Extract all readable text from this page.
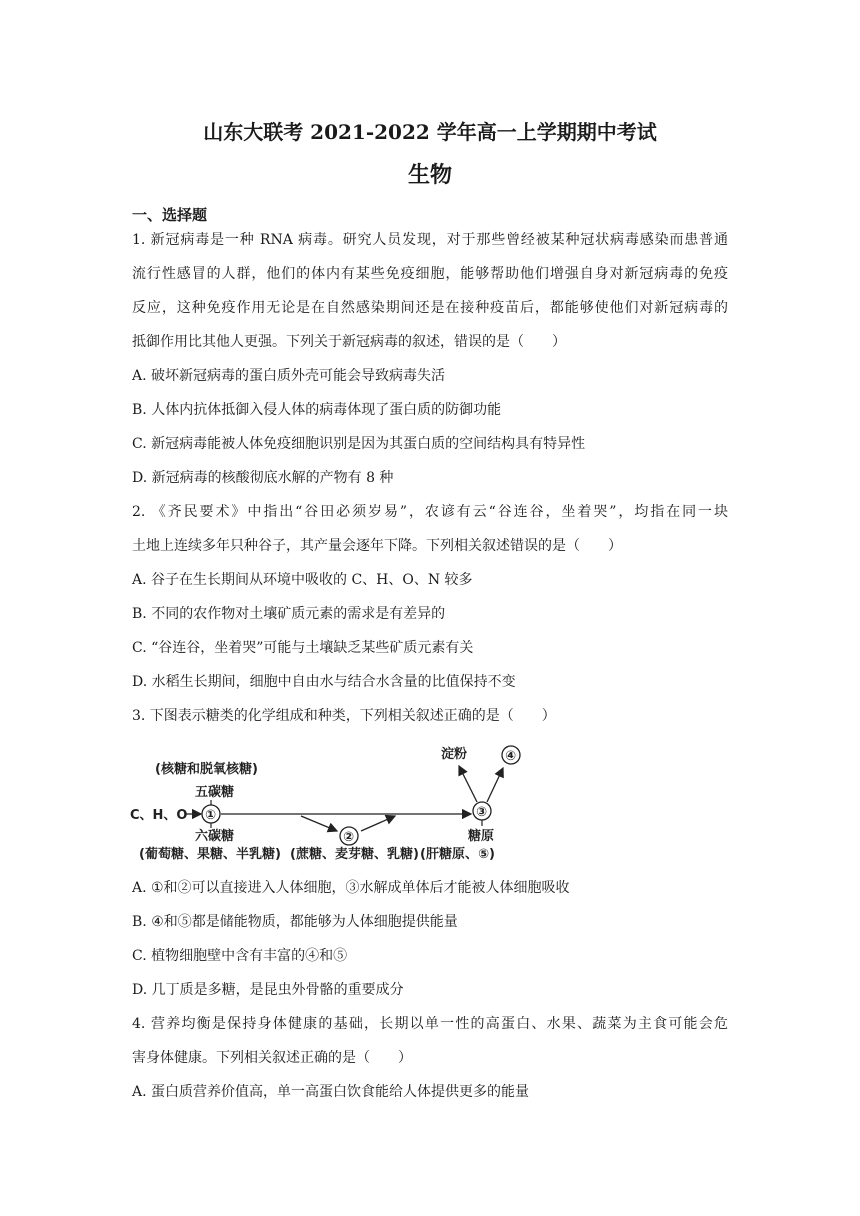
山东大联考 2021-2022 学年高一上学期期中考试
生物
一、选择题
1. 新冠病毒是一种 RNA 病毒。研究人员发现，对于那些曾经被某种冠状病毒感染而患普通
流行性感冒的人群，他们的体内有某些免疫细胞，能够帮助他们增强自身对新冠病毒的免疫
反应，这种免疫作用无论是在自然感染期间还是在接种疫苗后，都能够使他们对新冠病毒的
抵御作用比其他人更强。下列关于新冠病毒的叙述，错误的是（　　）
A. 破坏新冠病毒的蛋白质外壳可能会导致病毒失活
B. 人体内抗体抵御入侵人体的病毒体现了蛋白质的防御功能
C. 新冠病毒能被人体免疫细胞识别是因为其蛋白质的空间结构具有特异性
D. 新冠病毒的核酸彻底水解的产物有 8 种
2. 《齐民要术》中指出“谷田必须岁易”，农谚有云“谷连谷，坐着哭”，均指在同一块
土地上连续多年只种谷子，其产量会逐年下降。下列相关叙述错误的是（　　）
A. 谷子在生长期间从环境中吸收的 C、H、O、N 较多
B. 不同的农作物对土壤矿质元素的需求是有差异的
C. “谷连谷，坐着哭”可能与土壤缺乏某些矿质元素有关
D. 水稻生长期间，细胞中自由水与结合水含量的比值保持不变
3. 下图表示糖类的化学组成和种类，下列相关叙述正确的是（　　）
(核糖和脱氧核糖)
五碳糖
C、H、O ①
六碳糖
(葡萄糖、果糖、半乳糖)
②
(蔗糖、麦芽糖、乳糖)
③
淀粉	④
糖原
(肝糖原、⑤)
A. ①和②可以直接进入人体细胞，③水解成单体后才能被人体细胞吸收
B. ④和⑤都是储能物质，都能够为人体细胞提供能量
C. 植物细胞壁中含有丰富的④和⑤
D. 几丁质是多糖，是昆虫外骨骼的重要成分
4. 营养均衡是保持身体健康的基础，长期以单一性的高蛋白、水果、蔬菜为主食可能会危
害身体健康。下列相关叙述正确的是（　　）
A. 蛋白质营养价值高，单一高蛋白饮食能给人体提供更多的能量
